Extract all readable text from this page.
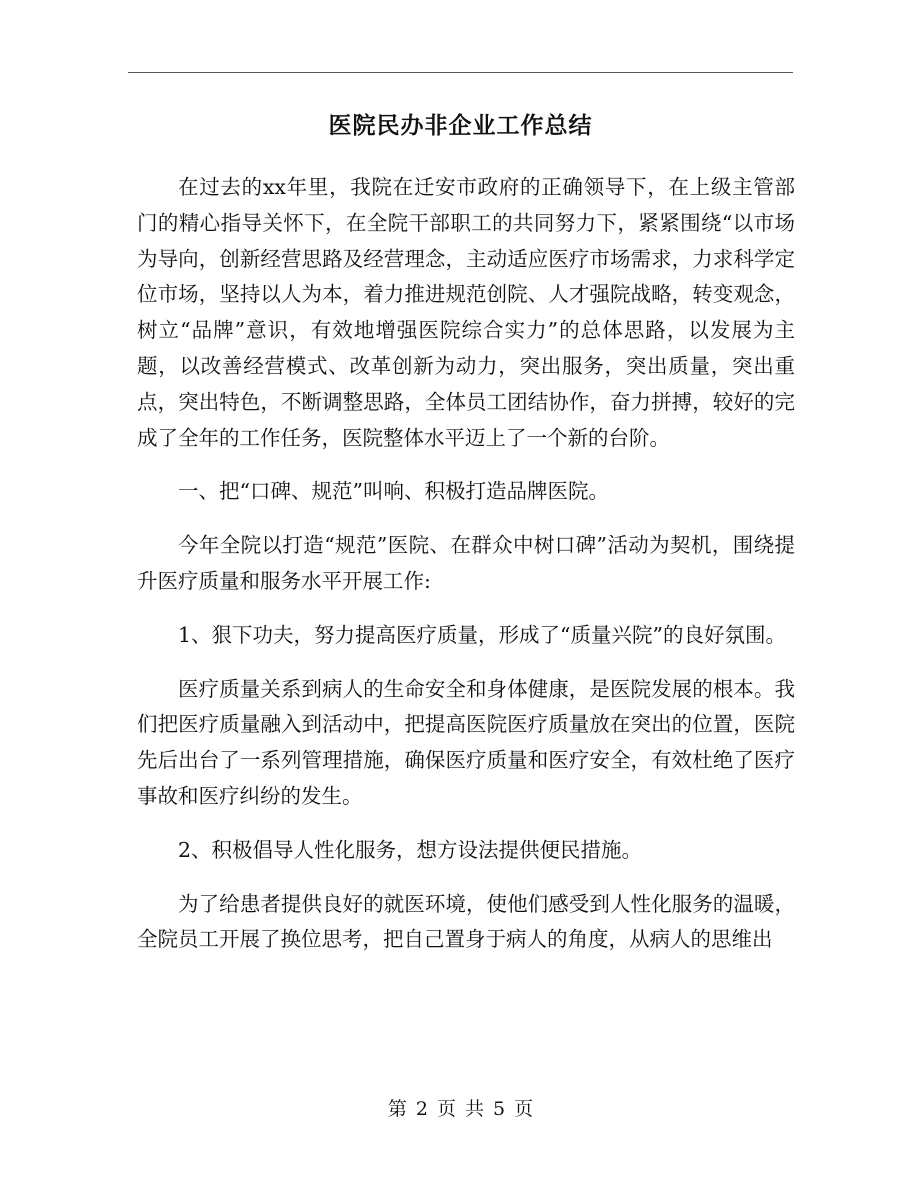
医院民办非企业工作总结

在过去的xx年里，我院在迁安市政府的正确领导下，在上级主管部门的精心指导关怀下，在全院干部职工的共同努力下，紧紧围绕“以市场为导向，创新经营思路及经营理念，主动适应医疗市场需求，力求科学定位市场，坚持以人为本，着力推进规范创院、人才强院战略，转变观念，树立“品牌”意识，有效地增强医院综合实力”的总体思路，以发展为主题，以改善经营模式、改革创新为动力，突出服务，突出质量，突出重点，突出特色，不断调整思路，全体员工团结协作，奋力拼搏，较好的完成了全年的工作任务，医院整体水平迈上了一个新的台阶。

一、把“口碑、规范”叫响、积极打造品牌医院。

今年全院以打造“规范”医院、在群众中树口碑”活动为契机，围绕提升医疗质量和服务水平开展工作:

1、狠下功夫，努力提高医疗质量，形成了“质量兴院”的良好氛围。

医疗质量关系到病人的生命安全和身体健康，是医院发展的根本。我们把医疗质量融入到活动中，把提高医院医疗质量放在突出的位置，医院先后出台了一系列管理措施，确保医疗质量和医疗安全，有效杜绝了医疗事故和医疗纠纷的发生。

2、积极倡导人性化服务，想方设法提供便民措施。

为了给患者提供良好的就医环境，使他们感受到人性化服务的温暖，全院员工开展了换位思考，把自己置身于病人的角度，从病人的思维出

第 2 页 共 5 页
